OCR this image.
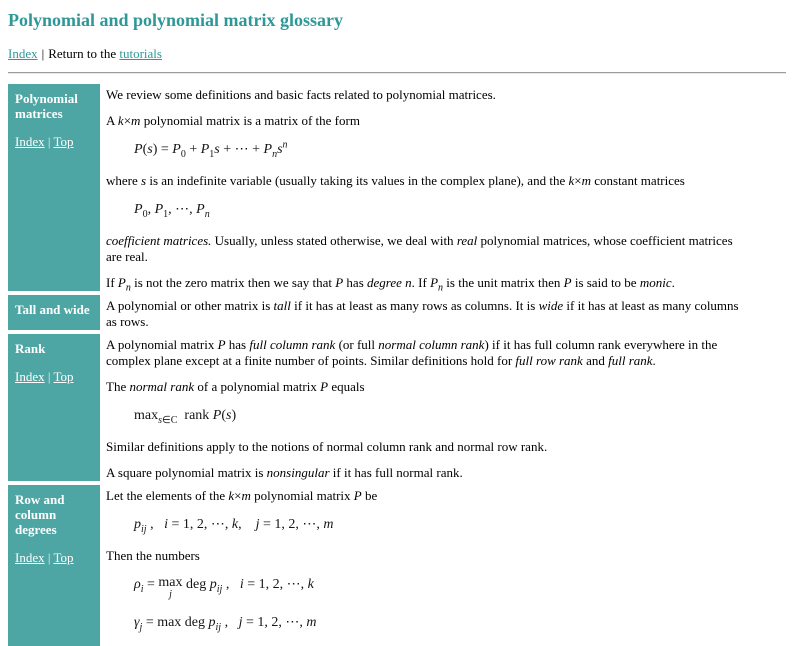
Polynomial and polynomial matrix glossary
Index | Return to the tutorials
Polynomial matrices
Index | Top

We review some definitions and basic facts related to polynomial matrices.

A k×m polynomial matrix is a matrix of the form

$P(s) = P_0 + P_1s$ + ⋯ + $P_ns^n$

where s is an indefinite variable (usually taking its values in the complex plane), and the k×m constant matrices

$P_0$, $P_1$, ⋯, $P_n$

coefficient matrices. Usually, unless stated otherwise, we deal with real polynomial matrices, whose coefficient matrices are real.

If $P_n$ is not the zero matrix then we say that P has degree n. If $P_n$ is the unit matrix then P is said to be monic.

Tall and wide	A polynomial or other matrix is tall if it has at least as many rows as columns. It is wide if it has at least as many columns as rows.

Rank
Index | Top

A polynomial matrix P has full column rank (or full normal column rank) if it has full column rank everywhere in the complex plane except at a finite number of points. Similar definitions hold for full row rank and full rank.

The normal rank of a polynomial matrix P equals

$\max_{s\in C}$  rank P(s)

Similar definitions apply to the notions of normal column rank and normal row rank.

A square polynomial matrix is nonsingular if it has full normal rank.

Row and column degrees
Index | Top

Let the elements of the k×m polynomial matrix P be

$p_{ij}$ ,   i = 1, 2, ⋯, k,    j = 1, 2, ⋯, m

Then the numbers

$\rho_i = \max$
j
deg $p_{ij}$ ,   i = 1, 2, ⋯, k
$\gamma_j = \max$ deg $p_{ij}$ ,   j = 1, 2, ⋯, m
